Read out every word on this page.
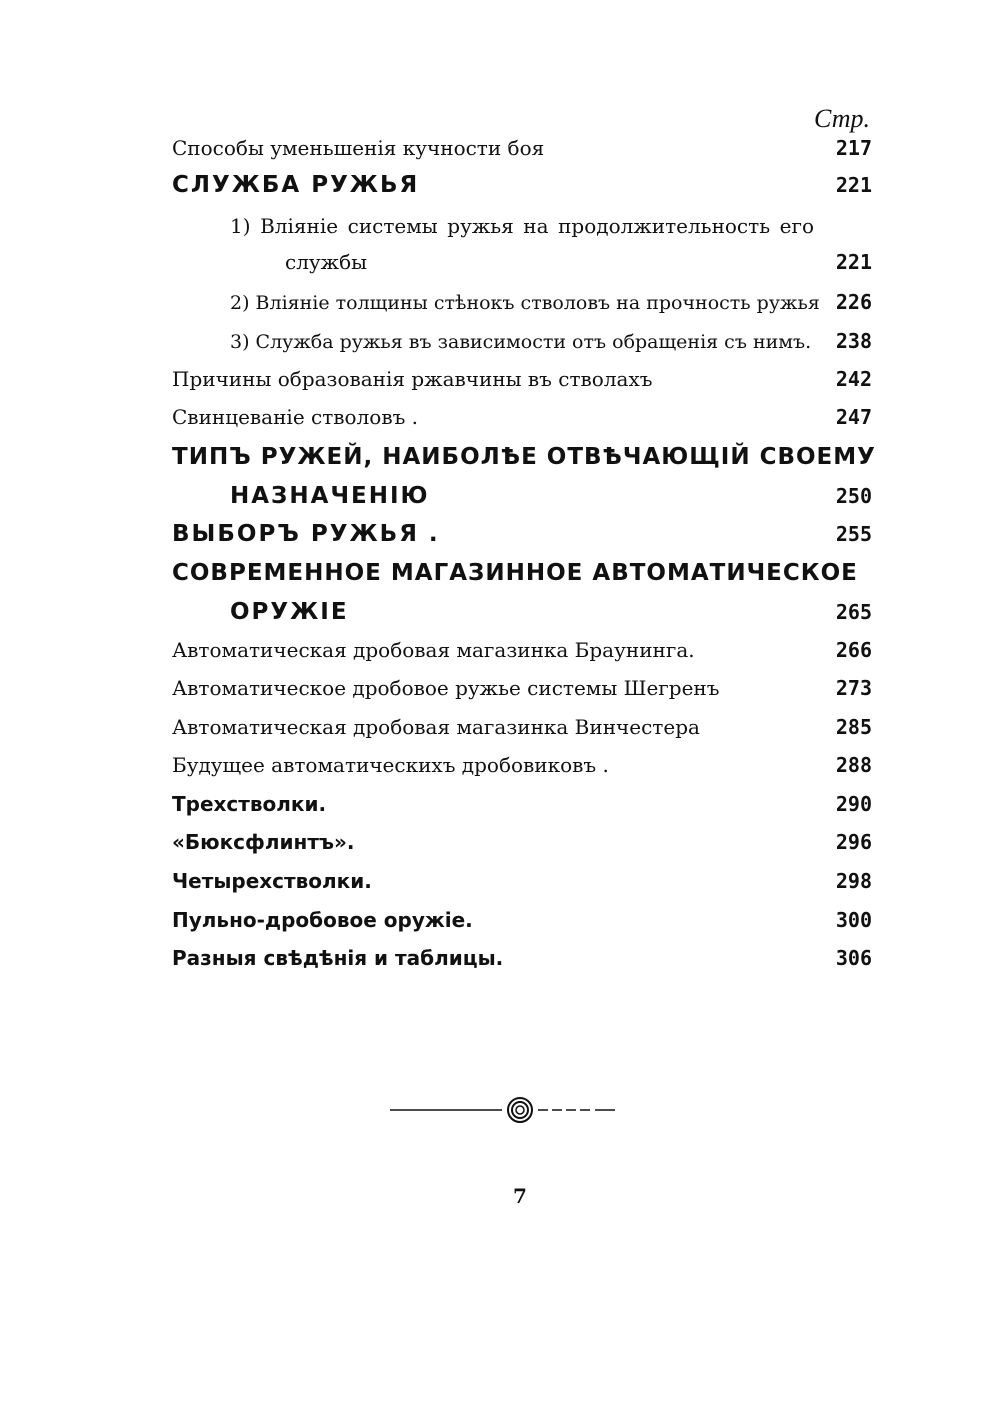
Стр.
Способы уменьшенія кучности боя	217
СЛУЖБА РУЖЬЯ	221
1) Вліяніе системы ружья на продолжительность его
службы	221
2) Вліяніе толщины стѣнокъ стволовъ на прочность ружья 226
3) Служба ружья въ зависимости отъ обращенія съ нимъ. 238
Причины образованія ржавчины въ стволахъ	242
Свинцеваніе стволовъ .	247
ТИПЪ РУЖЕЙ, НАИБОЛѢЕ ОТВѢЧАЮЩІЙ СВОЕМУ
НАЗНАЧЕНІЮ	250
ВЫБОРЪ РУЖЬЯ .	255
СОВРЕМЕННОЕ МАГАЗИННОЕ АВТОМАТИЧЕСКОЕ
ОРУЖІЕ	265
Автоматическая дробовая магазинка Браунинга.	266
Автоматическое дробовое ружье системы Шегренъ	273
Автоматическая дробовая магазинка Винчестера	285
Будущее автоматическихъ дробовиковъ .	288
Трехстволки.	290
«Бюксфлинтъ».	296
Четырехстволки.	298
Пульно-дробовое оружіе.	300
Разныя свѣдѣнія и таблицы.	306
7
